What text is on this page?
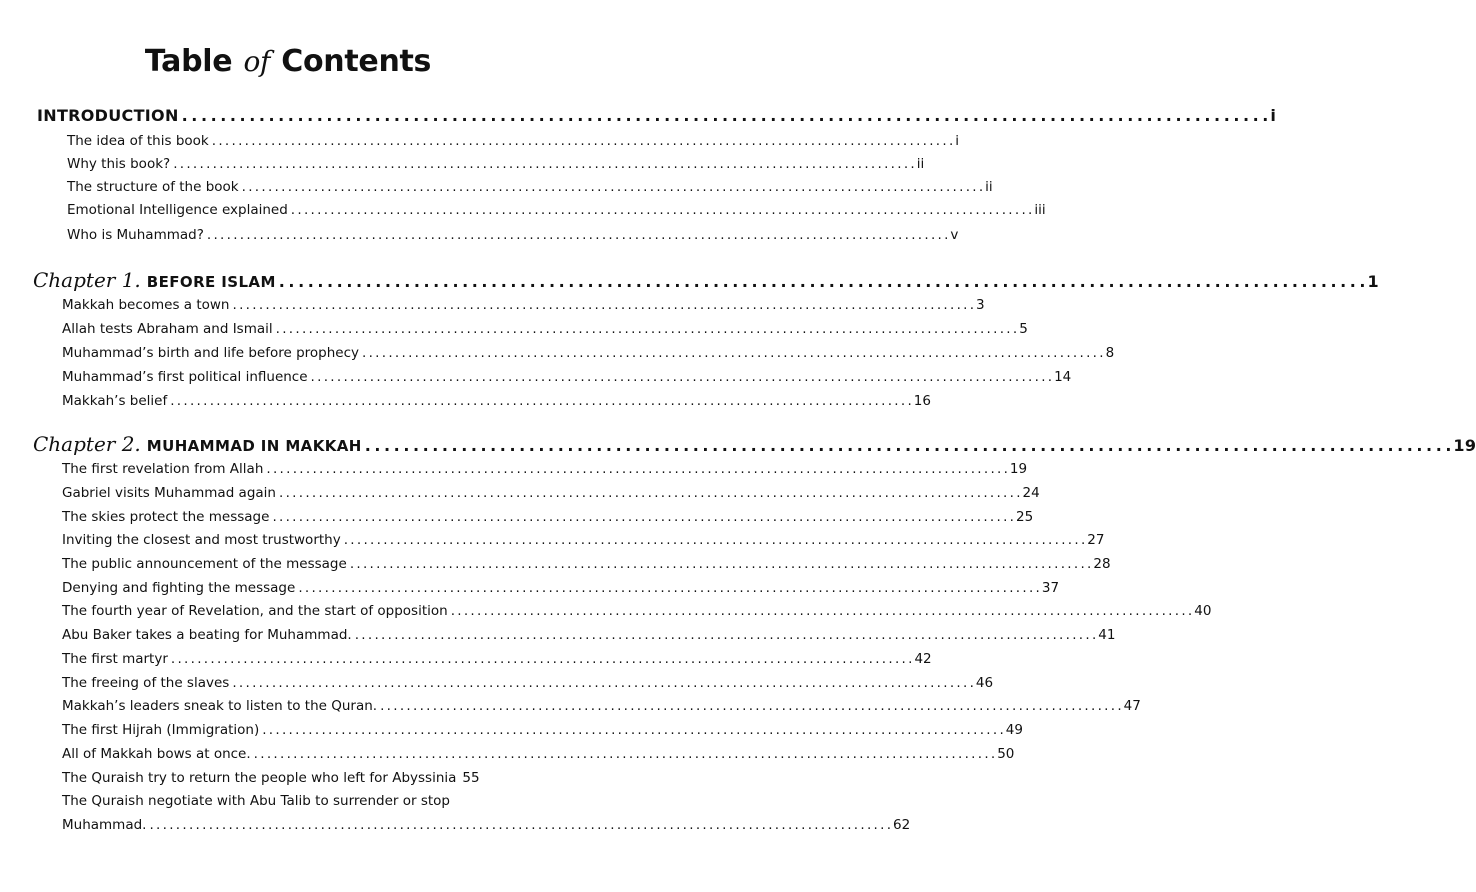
Table of Contents
INTRODUCTION . . .	i
The idea of this book . . .	i
Why this book? . . .	ii
The structure of the book . . .	ii
Emotional Intelligence explained . . .	iii
Who is Muhammad? . . .	v
Chapter 1. BEFORE ISLAM . . .	1
Makkah becomes a town . . .	3
Allah tests Abraham and Ismail . . .	5
Muhammad’s birth and life before prophecy . . .	8
Muhammad’s first political influence . . .	14
Makkah’s belief . . .	16
Chapter 2. MUHAMMAD IN MAKKAH . . .	19
The first revelation from Allah . . .	19
Gabriel visits Muhammad again . . .	24
The skies protect the message . . .	25
Inviting the closest and most trustworthy . . .	27
The public announcement of the message . . .	28
Denying and fighting the message . . .	37
The fourth year of Revelation, and the start of opposition . . .	40
Abu Baker takes a beating for Muhammad. . . .	41
The first martyr . . .	42
The freeing of the slaves . . .	46
Makkah’s leaders sneak to listen to the Quran. . . .	47
The first Hijrah (Immigration) . . .	49
All of Makkah bows at once. . . .	50
The Quraish try to return the people who left for Abyssinia 55
The Quraish negotiate with Abu Talib to surrender or stop
Muhammad. . . .	62
